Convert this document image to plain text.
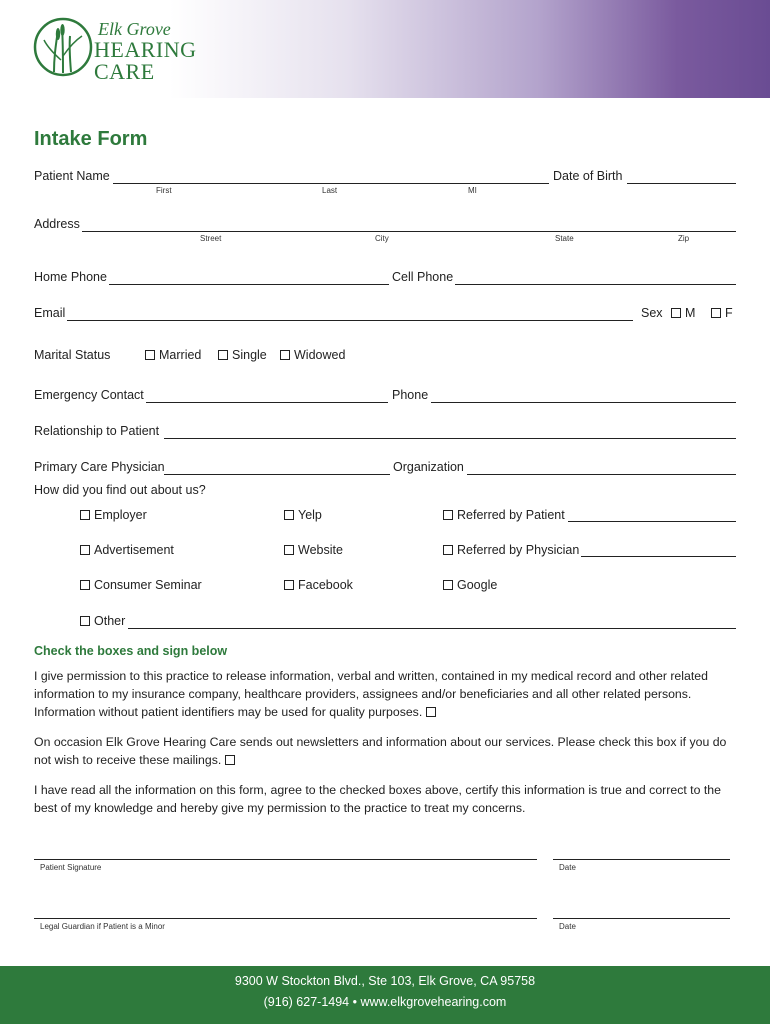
Elk Grove
HEARING
CARE
Intake Form
Patient Name	Date of Birth
First	Last	MI
Address
Street	City	State	Zip
Home Phone	Cell Phone
Email	Sex	M	F
Marital Status	Married	Single	Widowed
Emergency Contact	Phone
Relationship to Patient
Primary Care Physician	Organization
How did you find out about us?
Employer	Yelp	Referred by Patient
Advertisement	Website	Referred by Physician
Consumer Seminar	Facebook	Google
Other
Check the boxes and sign below
I give permission to this practice to release information, verbal and written, contained in my medical record and other related information to my insurance company, healthcare providers, assignees and/or beneficiaries and all other related persons. Information without patient identifiers may be used for quality purposes.
On occasion Elk Grove Hearing Care sends out newsletters and information about our services. Please check this box if you do not wish to receive these mailings.
I have read all the information on this form, agree to the checked boxes above, certify this information is true and correct to the best of my knowledge and hereby give my permission to the practice to treat my concerns.
Patient Signature	Date
Legal Guardian if Patient is a Minor	Date
9300 W Stockton Blvd., Ste 103, Elk Grove, CA 95758
(916) 627-1494 • www.elkgrovehearing.com
